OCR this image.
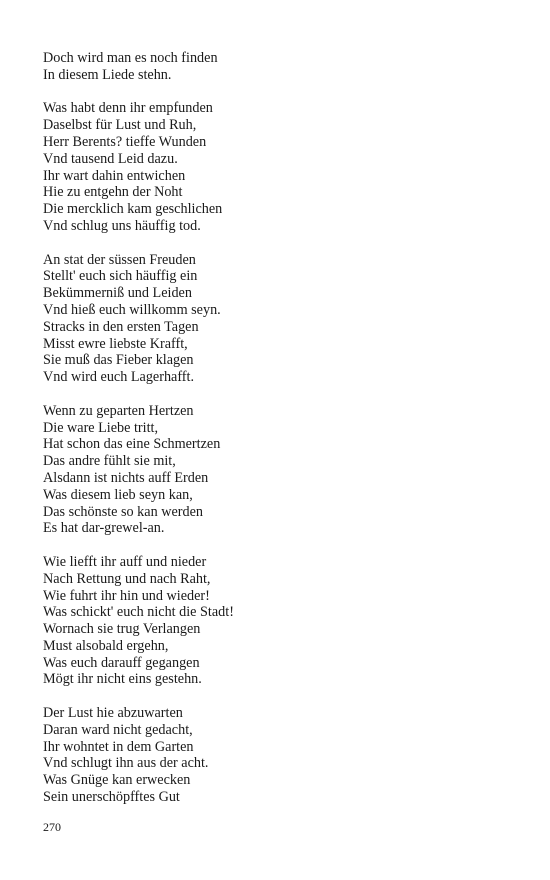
Doch wird man es noch finden
In diesem Liede stehn.
Was habt denn ihr empfunden
Daselbst für Lust und Ruh,
Herr Berents? tieffe Wunden
Vnd tausend Leid dazu.
Ihr wart dahin entwichen
Hie zu entgehn der Noht
Die mercklich kam geschlichen
Vnd schlug uns häuffig tod.
An stat der süssen Freuden
Stellt' euch sich häuffig ein
Bekümmerniß und Leiden
Vnd hieß euch willkomm seyn.
Stracks in den ersten Tagen
Misst ewre liebste Krafft,
Sie muß das Fieber klagen
Vnd wird euch Lagerhafft.
Wenn zu geparten Hertzen
Die ware Liebe tritt,
Hat schon das eine Schmertzen
Das andre fühlt sie mit,
Alsdann ist nichts auff Erden
Was diesem lieb seyn kan,
Das schönste so kan werden
Es hat dar-grewel-an.
Wie liefft ihr auff und nieder
Nach Rettung und nach Raht,
Wie fuhrt ihr hin und wieder!
Was schickt' euch nicht die Stadt!
Wornach sie trug Verlangen
Must alsobald ergehn,
Was euch darauff gegangen
Mögt ihr nicht eins gestehn.
Der Lust hie abzuwarten
Daran ward nicht gedacht,
Ihr wohntet in dem Garten
Vnd schlugt ihn aus der acht.
Was Gnüge kan erwecken
Sein unerschöpfftes Gut
270
